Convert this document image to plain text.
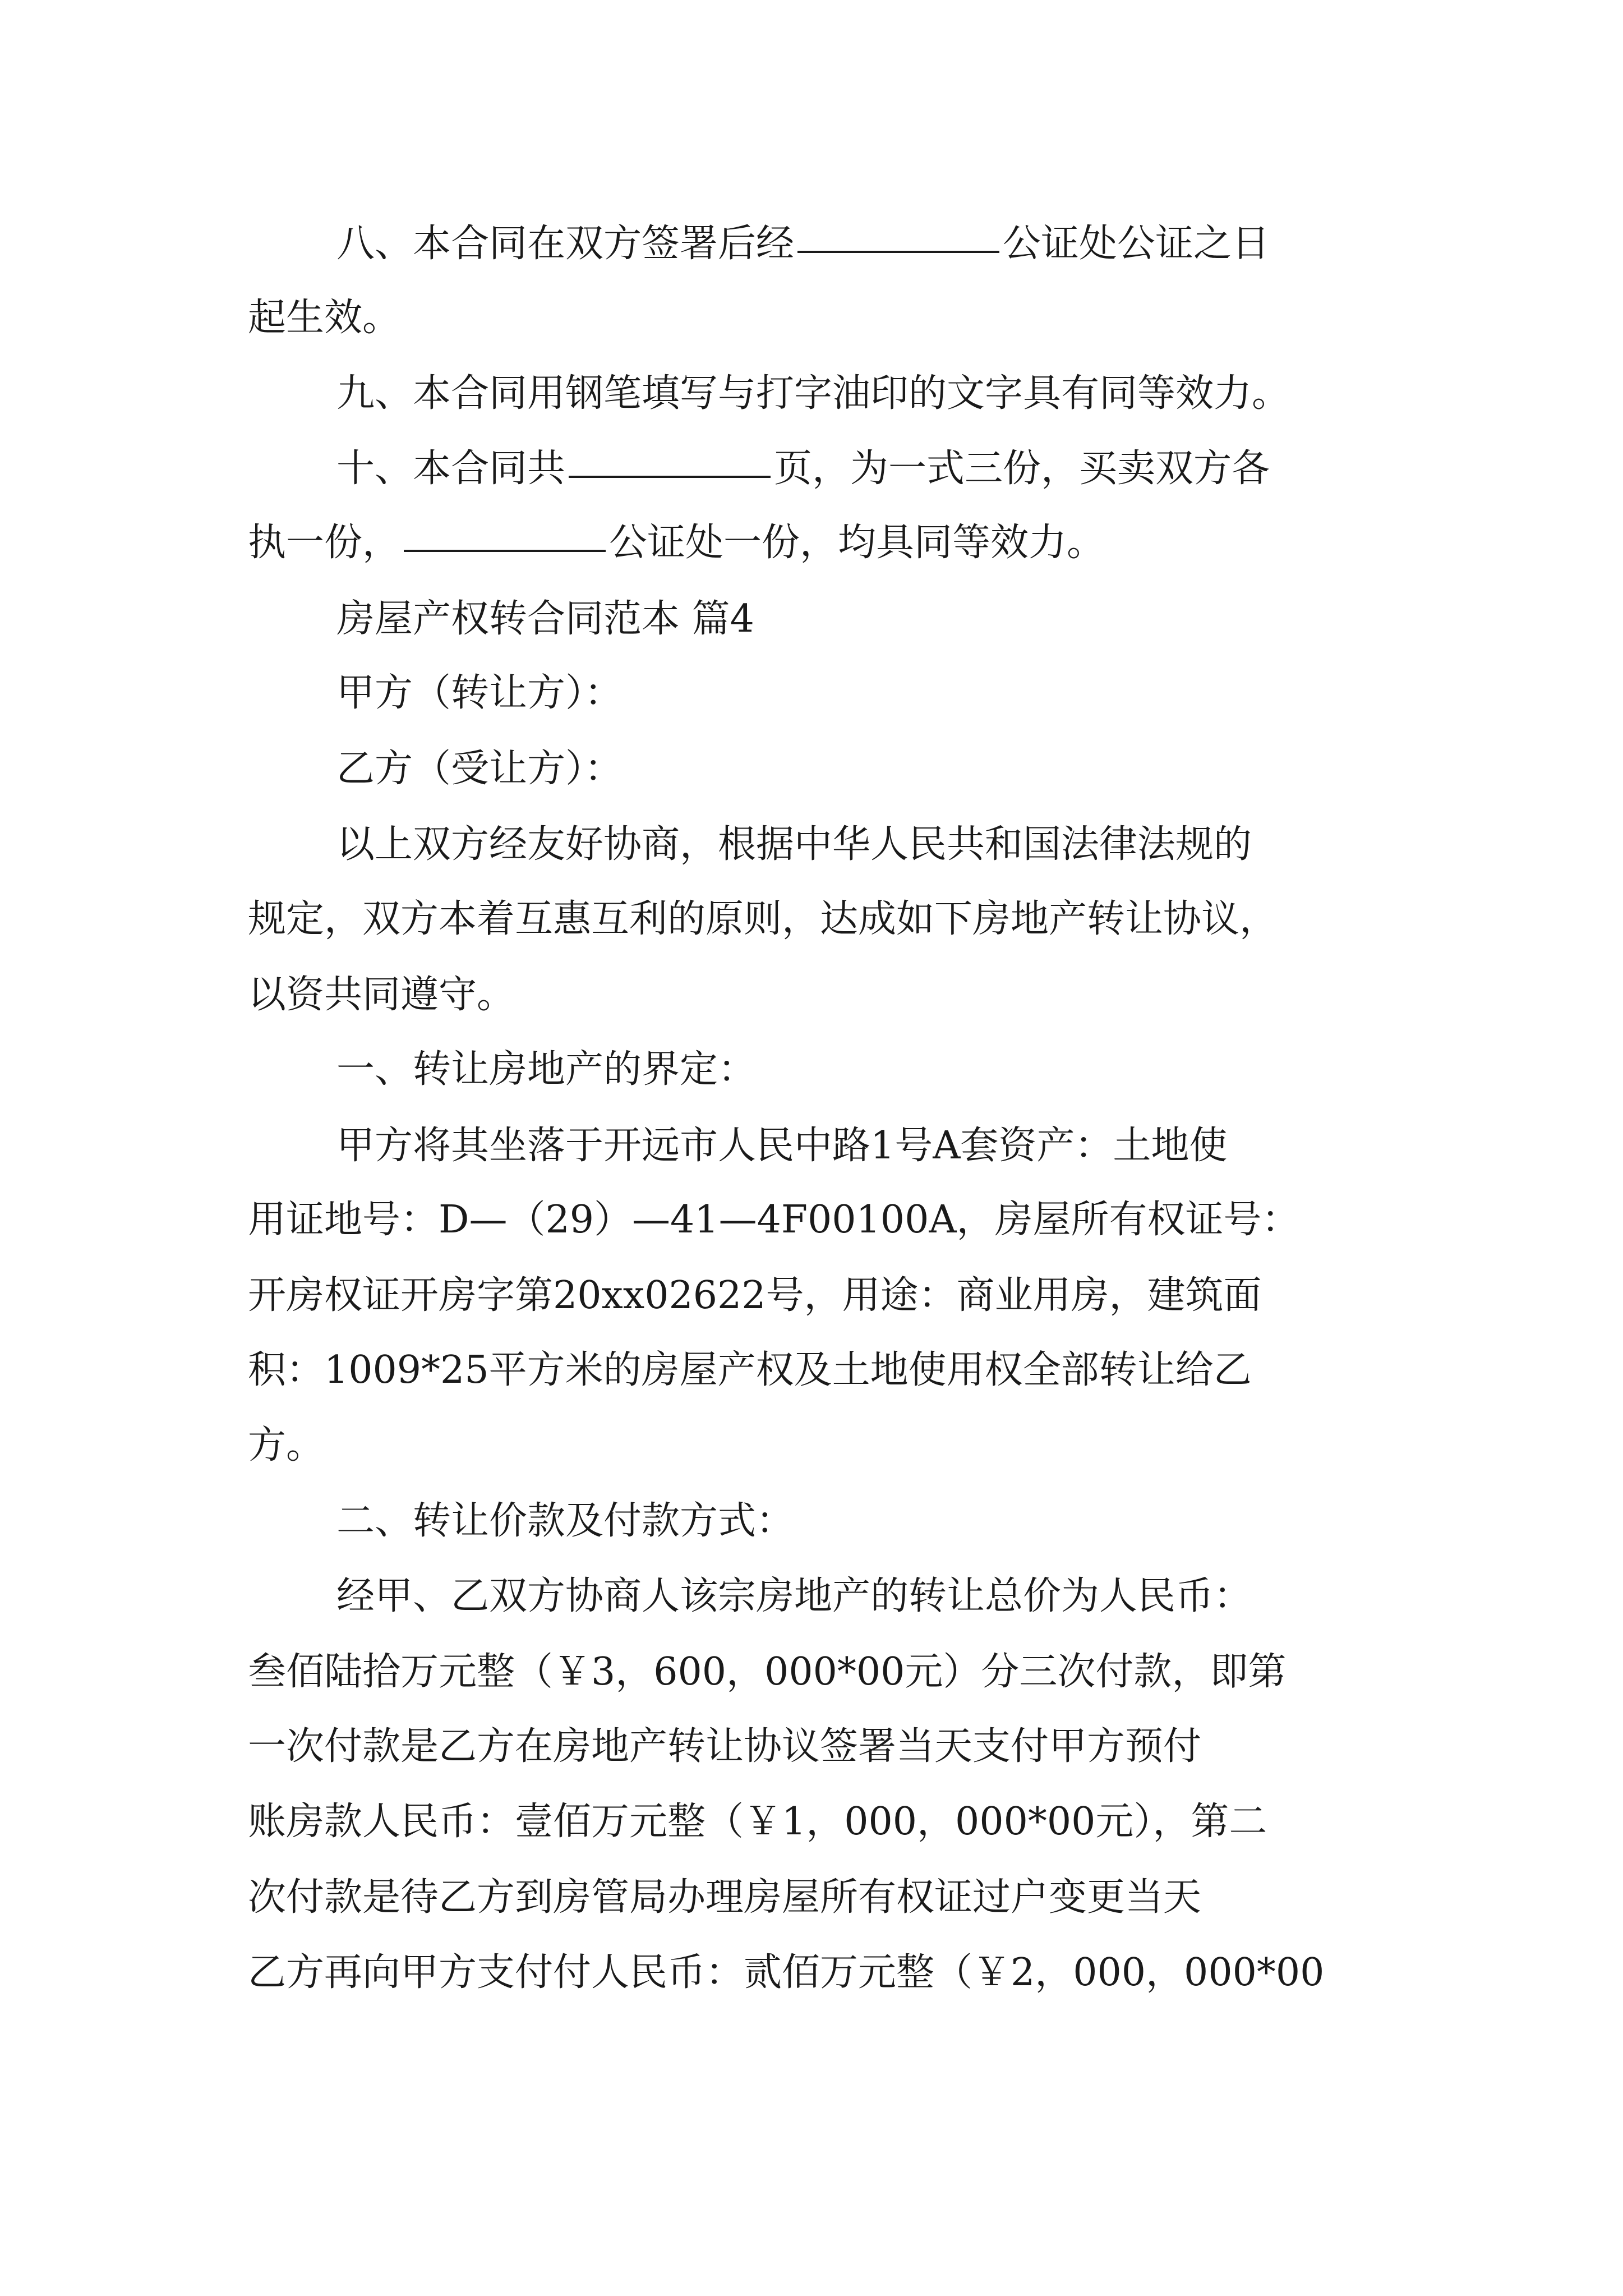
八、本合同在双方签署后经	公证处公证之日
起生效。
九、本合同用钢笔填写与打字油印的文字具有同等效力。
十、本合同共	页，为一式三份，买卖双方各
执一份，	公证处一份，均具同等效力。
房屋产权转合同范本 篇4
甲方（转让方）：
乙方（受让方）：
以上双方经友好协商，根据中华人民共和国法律法规的
规定，双方本着互惠互利的原则，达成如下房地产转让协议，
以资共同遵守。
一、转让房地产的界定：
甲方将其坐落于开远市人民中路1号A套资产：土地使
用证地号：D—（29）—41—4F00100A，房屋所有权证号：
开房权证开房字第20xx02622号，用途：商业用房，建筑面
积：1009*25平方米的房屋产权及土地使用权全部转让给乙
方。
二、转让价款及付款方式：
经甲、乙双方协商人该宗房地产的转让总价为人民币：
叁佰陆拾万元整（￥3，600，000*00元）分三次付款，即第
一次付款是乙方在房地产转让协议签署当天支付甲方预付
账房款人民币：壹佰万元整（￥1，000，000*00元），第二
次付款是待乙方到房管局办理房屋所有权证过户变更当天
乙方再向甲方支付付人民币：贰佰万元整（￥2，000，000*00
